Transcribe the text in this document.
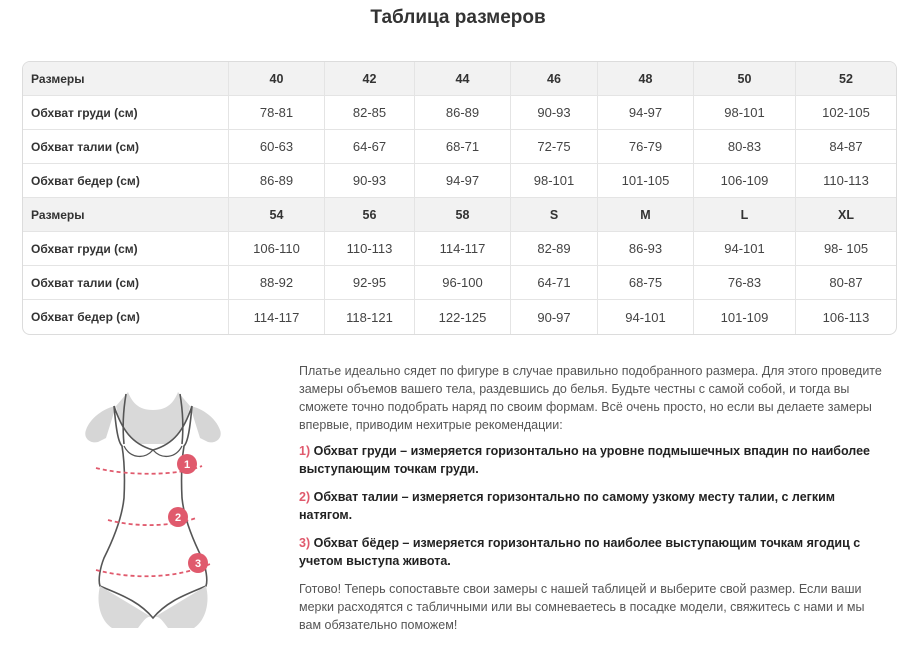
Таблица размеров
Размеры	40	42	44	46	48	50	52
Обхват груди (см)	78-81	82-85	86-89	90-93	94-97	98-101	102-105
Обхват талии (см)	60-63	64-67	68-71	72-75	76-79	80-83	84-87
Обхват бедер (см)	86-89	90-93	94-97	98-101	101-105	106-109	110-113
Размеры	54	56	58	S	M	L	XL
Обхват груди (см)	106-110	110-113	114-117	82-89	86-93	94-101	98- 105
Обхват талии (см)	88-92	92-95	96-100	64-71	68-75	76-83	80-87
Обхват бедер (см)	114-117	118-121	122-125	90-97	94-101	101-109	106-113
1
2
3

Платье идеально сядет по фигуре в случае правильно подобранного размера. Для этого проведите замеры объемов вашего тела, раздевшись до белья. Будьте честны с самой собой, и тогда вы сможете точно подобрать наряд по своим формам. Всё очень просто, но если вы делаете замеры впервые, приводим нехитрые рекомендации:

1) Обхват груди – измеряется горизонтально на уровне подмышечных впадин по наиболее выступающим точкам груди.

2) Обхват талии – измеряется горизонтально по самому узкому месту талии, с легким натягом.

3) Обхват бёдер – измеряется горизонтально по наиболее выступающим точкам ягодиц с учетом выступа живота.

Готово! Теперь сопоставьте свои замеры с нашей таблицей и выберите свой размер. Если ваши мерки расходятся с табличными или вы сомневаетесь в посадке модели, свяжитесь с нами и мы вам обязательно поможем!
